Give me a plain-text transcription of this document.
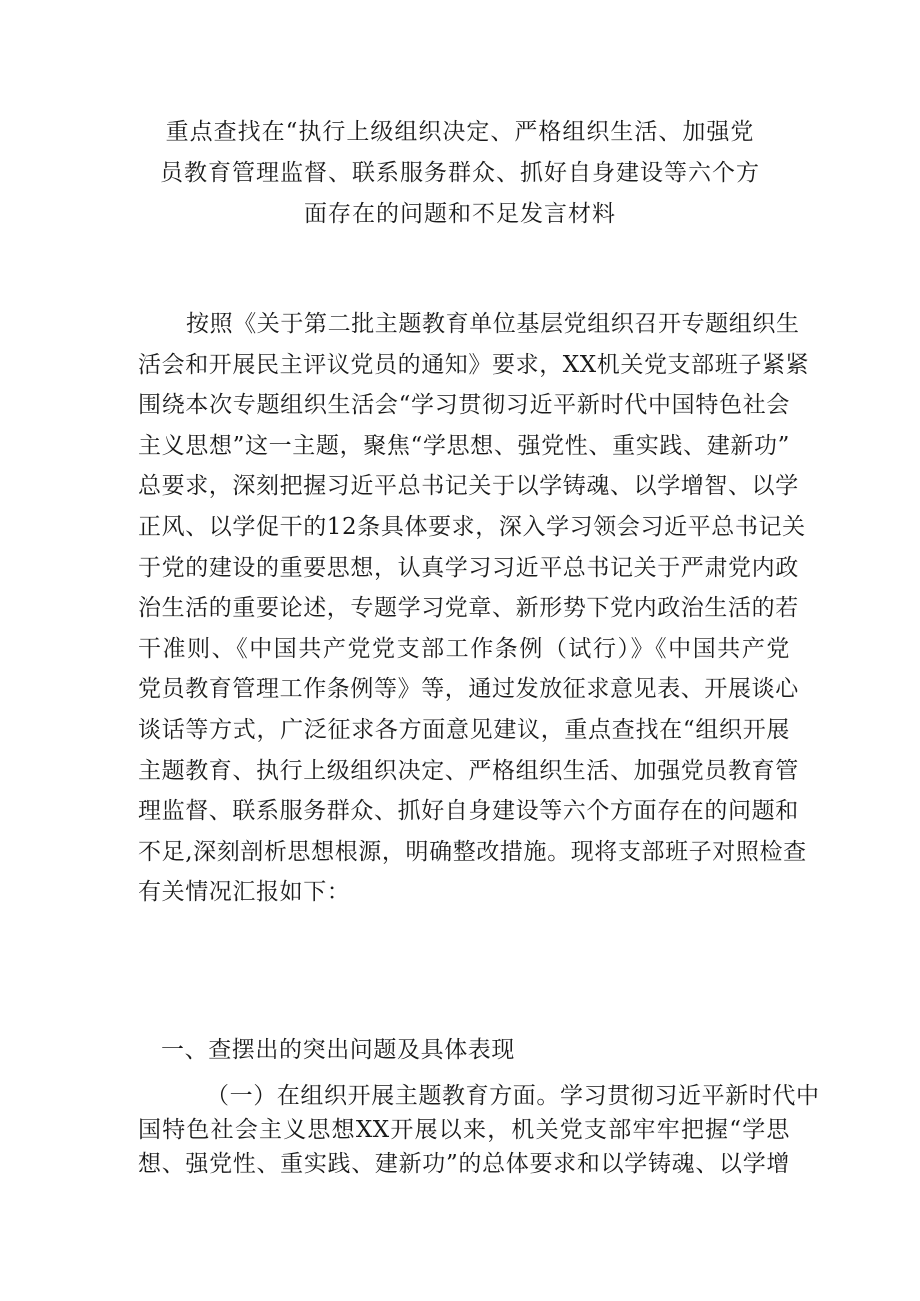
重点查找在“执行上级组织决定、严格组织生活、加强党
员教育管理监督、联系服务群众、抓好自身建设等六个方
面存在的问题和不足发言材料
按照《关于第二批主题教育单位基层党组织召开专题组织生
活会和开展民主评议党员的通知》要求，XX机关党支部班子紧紧
围绕本次专题组织生活会“学习贯彻习近平新时代中国特色社会
主义思想”这一主题，聚焦“学思想、强党性、重实践、建新功”
总要求，深刻把握习近平总书记关于以学铸魂、以学增智、以学
正风、以学促干的12条具体要求，深入学习领会习近平总书记关
于党的建设的重要思想，认真学习习近平总书记关于严肃党内政
治生活的重要论述，专题学习党章、新形势下党内政治生活的若
干准则、《中国共产党党支部工作条例（试行）》《中国共产党
党员教育管理工作条例等》等，通过发放征求意见表、开展谈心
谈话等方式，广泛征求各方面意见建议，重点查找在“组织开展
主题教育、执行上级组织决定、严格组织生活、加强党员教育管
理监督、联系服务群众、抓好自身建设等六个方面存在的问题和
不足,深刻剖析思想根源，明确整改措施。现将支部班子对照检查
有关情况汇报如下：
一、查摆出的突出问题及具体表现
（一）在组织开展主题教育方面。学习贯彻习近平新时代中
国特色社会主义思想XX开展以来，机关党支部牢牢把握“学思
想、强党性、重实践、建新功”的总体要求和以学铸魂、以学增
